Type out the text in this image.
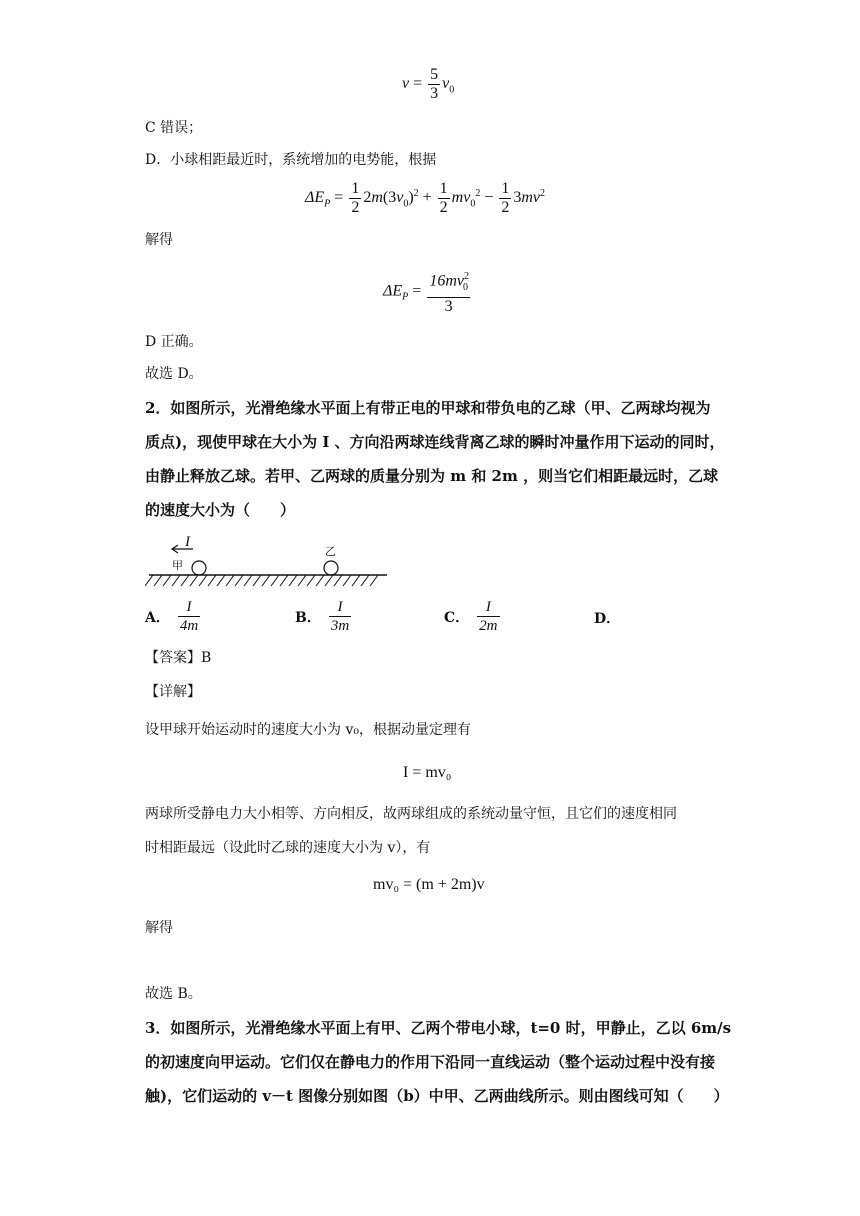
$v = \frac{5}{3} v_0$
C 错误；
D．小球相距最近时，系统增加的电势能，根据
$\Delta E_P = \frac{1}{2} 2m(3v_0)^2 + \frac{1}{2} mv_0^2 - \frac{1}{2} 3mv^2$
解得
$\Delta E_P = \frac{16mv^2_0}{3}$
D 正确。
故选 D。
2．如图所示，光滑绝缘水平面上有带正电的甲球和带负电的乙球（甲、乙两球均视为
质点)，现使甲球在大小为 I 、方向沿两球连线背离乙球的瞬时冲量作用下运动的同时，
由静止释放乙球。若甲、乙两球的质量分别为 m 和 2m ，则当它们相距最远时，乙球
的速度大小为（　　）
I
甲
乙
A． $\frac{I}{4m}$	B． $\frac{I}{3m}$	C． $\frac{I}{2m}$	D．
【答案】B
【详解】
设甲球开始运动时的速度大小为 v₀，根据动量定理有
I = mv₀
两球所受静电力大小相等、方向相反，故两球组成的系统动量守恒，且它们的速度相同
时相距最远（设此时乙球的速度大小为 v），有
mv₀ = (m + 2m)v
解得
故选 B。
3．如图所示，光滑绝缘水平面上有甲、乙两个带电小球，t=0 时，甲静止，乙以 6m/s
的初速度向甲运动。它们仅在静电力的作用下沿同一直线运动（整个运动过程中没有接
触)，它们运动的 v－t 图像分别如图（b）中甲、乙两曲线所示。则由图线可知（　　）
